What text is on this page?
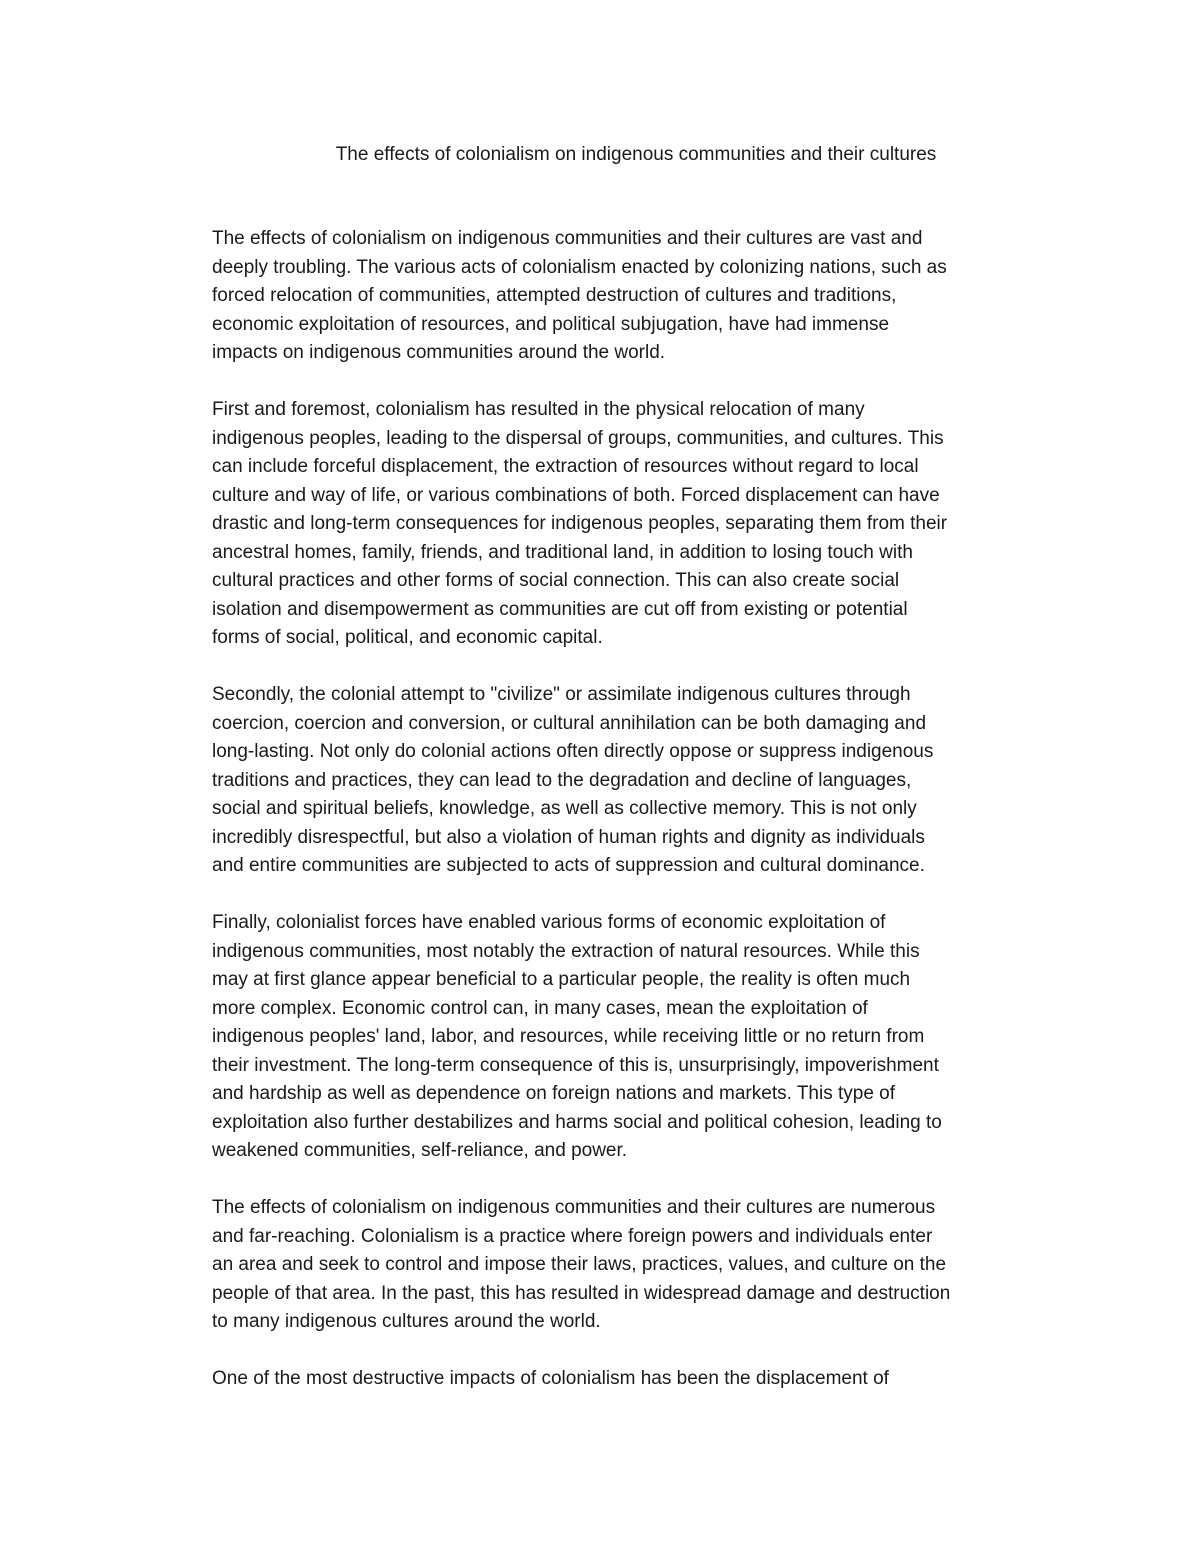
The effects of colonialism on indigenous communities and their cultures

The effects of colonialism on indigenous communities and their cultures are vast and
deeply troubling. The various acts of colonialism enacted by colonizing nations, such as
forced relocation of communities, attempted destruction of cultures and traditions,
economic exploitation of resources, and political subjugation, have had immense
impacts on indigenous communities around the world.

First and foremost, colonialism has resulted in the physical relocation of many
indigenous peoples, leading to the dispersal of groups, communities, and cultures. This
can include forceful displacement, the extraction of resources without regard to local
culture and way of life, or various combinations of both. Forced displacement can have
drastic and long-term consequences for indigenous peoples, separating them from their
ancestral homes, family, friends, and traditional land, in addition to losing touch with
cultural practices and other forms of social connection. This can also create social
isolation and disempowerment as communities are cut off from existing or potential
forms of social, political, and economic capital.

Secondly, the colonial attempt to "civilize" or assimilate indigenous cultures through
coercion, coercion and conversion, or cultural annihilation can be both damaging and
long-lasting. Not only do colonial actions often directly oppose or suppress indigenous
traditions and practices, they can lead to the degradation and decline of languages,
social and spiritual beliefs, knowledge, as well as collective memory. This is not only
incredibly disrespectful, but also a violation of human rights and dignity as individuals
and entire communities are subjected to acts of suppression and cultural dominance.

Finally, colonialist forces have enabled various forms of economic exploitation of
indigenous communities, most notably the extraction of natural resources. While this
may at first glance appear beneficial to a particular people, the reality is often much
more complex. Economic control can, in many cases, mean the exploitation of
indigenous peoples' land, labor, and resources, while receiving little or no return from
their investment. The long-term consequence of this is, unsurprisingly, impoverishment
and hardship as well as dependence on foreign nations and markets. This type of
exploitation also further destabilizes and harms social and political cohesion, leading to
weakened communities, self-reliance, and power.

The effects of colonialism on indigenous communities and their cultures are numerous
and far-reaching. Colonialism is a practice where foreign powers and individuals enter
an area and seek to control and impose their laws, practices, values, and culture on the
people of that area. In the past, this has resulted in widespread damage and destruction
to many indigenous cultures around the world.

One of the most destructive impacts of colonialism has been the displacement of
